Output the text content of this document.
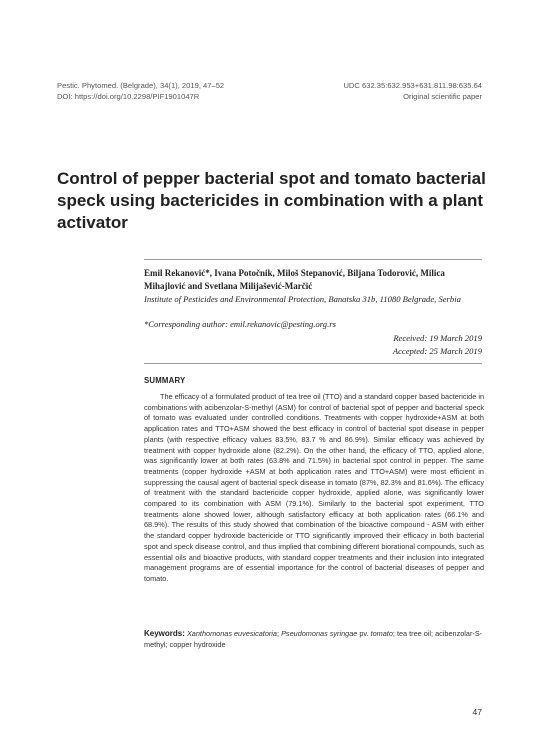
Pestic. Phytomed. (Belgrade), 34(1), 2019, 47–52
DOI: https://doi.org/10.2298/PIF1901047R
UDC 632.35:632.953+631.811.98:635.64
Original scientific paper
Control of pepper bacterial spot and tomato bacterial speck using bactericides in combination with a plant activator

Emil Rekanović*, Ivana Potočnik, Miloš Stepanović, Biljana Todorović, Milica
Mihajlović and Svetlana Milijašević-Marčić

Institute of Pesticides and Environmental Protection, Banatska 31b, 11080 Belgrade, Serbia

*Corresponding author: emil.rekanovic@pesting.org.rs

Received: 19 March 2019
Accepted: 25 March 2019
SUMMARY

The efficacy of a formulated product of tea tree oil (TTO) and a standard copper based bactericide in combinations with acibenzolar-S-methyl (ASM) for control of bacterial spot of pepper and bacterial speck of tomato was evaluated under controlled conditions. Treatments with copper hydroxide+ASM at both application rates and TTO+ASM showed the best efficacy in control of bacterial spot disease in pepper plants (with respective efficacy values 83.5%, 83.7 % and 86.9%). Similar efficacy was achieved by treatment with copper hydroxide alone (82.2%). On the other hand, the efficacy of TTO, applied alone, was significantly lower at both rates (63.8% and 71.5%) in bacterial spot control in pepper. The same treatments (copper hydroxide +ASM at both application rates and TTO+ASM) were most efficient in suppressing the causal agent of bacterial speck disease in tomato (87%, 82.3% and 81.6%). The efficacy of treatment with the standard bactericide copper hydroxide, applied alone, was significantly lower compared to its combination with ASM (79.1%). Similarly to the bacterial spot experiment, TTO treatments alone showed lower, although satisfactory efficacy at both application rates (66.1% and 68.9%). The results of this study showed that combination of the bioactive compound - ASM with either the standard copper hydroxide bactericide or TTO significantly improved their efficacy in both bacterial spot and speck disease control, and thus implied that combining different biorational compounds, such as essential oils and bioactive products, with standard copper treatments and their inclusion into integrated management programs are of essential importance for the control of bacterial diseases of pepper and tomato.

Keywords: Xanthomonas euvesicatoria; Pseudomonas syringae pv. tomato; tea tree oil; acibenzolar-S-methyl; copper hydroxide

47
